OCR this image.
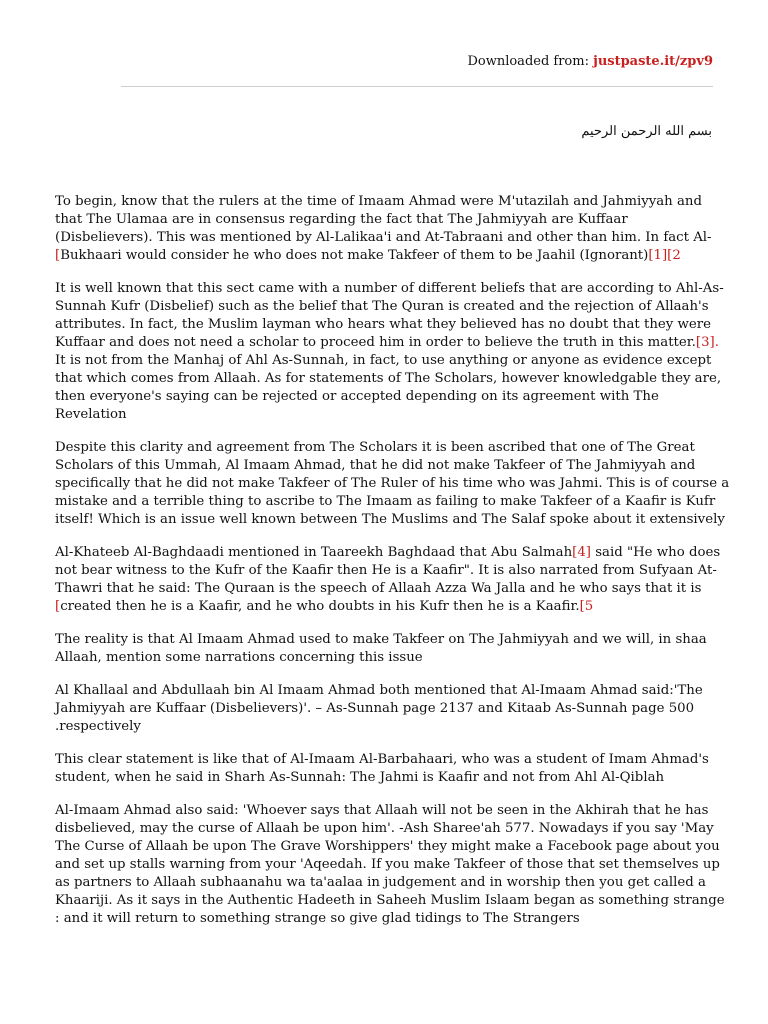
Downloaded from: justpaste.it/zpv9
بسم الله الرحمن الرحيم

To begin, know that the rulers at the time of Imaam Ahmad were M'utazilah and Jahmiyyah and
that The Ulamaa are in consensus regarding the fact that The Jahmiyyah are Kuffaar
(Disbelievers). This was mentioned by Al-Lalikaa'i and At-Tabraani and other than him. In fact Al-
[Bukhaari would consider he who does not make Takfeer of them to be Jaahil (Ignorant)[1][2

It is well known that this sect came with a number of different beliefs that are according to Ahl-As-
Sunnah Kufr (Disbelief) such as the belief that The Quran is created and the rejection of Allaah's
attributes. In fact, the Muslim layman who hears what they believed has no doubt that they were
Kuffaar and does not need a scholar to proceed him in order to believe the truth in this matter.[3].
It is not from the Manhaj of Ahl As-Sunnah, in fact, to use anything or anyone as evidence except
that which comes from Allaah. As for statements of The Scholars, however knowledgable they are,
then everyone's saying can be rejected or accepted depending on its agreement with The
Revelation

Despite this clarity and agreement from The Scholars it is been ascribed that one of The Great
Scholars of this Ummah, Al Imaam Ahmad, that he did not make Takfeer of The Jahmiyyah and
specifically that he did not make Takfeer of The Ruler of his time who was Jahmi. This is of course a
mistake and a terrible thing to ascribe to The Imaam as failing to make Takfeer of a Kaafir is Kufr
itself! Which is an issue well known between The Muslims and The Salaf spoke about it extensively

Al-Khateeb Al-Baghdaadi mentioned in Taareekh Baghdaad that Abu Salmah[4] said "He who does
not bear witness to the Kufr of the Kaafir then He is a Kaafir". It is also narrated from Sufyaan At-
Thawri that he said: The Quraan is the speech of Allaah Azza Wa Jalla and he who says that it is
[created then he is a Kaafir, and he who doubts in his Kufr then he is a Kaafir.[5

The reality is that Al Imaam Ahmad used to make Takfeer on The Jahmiyyah and we will, in shaa
Allaah, mention some narrations concerning this issue

Al Khallaal and Abdullaah bin Al Imaam Ahmad both mentioned that Al-Imaam Ahmad said:'The
Jahmiyyah are Kuffaar (Disbelievers)'. – As-Sunnah page 2137 and Kitaab As-Sunnah page 500
.respectively

This clear statement is like that of Al-Imaam Al-Barbahaari, who was a student of Imam Ahmad's
student, when he said in Sharh As-Sunnah: The Jahmi is Kaafir and not from Ahl Al-Qiblah

Al-Imaam Ahmad also said: 'Whoever says that Allaah will not be seen in the Akhirah that he has
disbelieved, may the curse of Allaah be upon him'. -Ash Sharee'ah 577. Nowadays if you say 'May
The Curse of Allaah be upon The Grave Worshippers' they might make a Facebook page about you
and set up stalls warning from your 'Aqeedah. If you make Takfeer of those that set themselves up
as partners to Allaah subhaanahu wa ta'aalaa in judgement and in worship then you get called a
Khaariji. As it says in the Authentic Hadeeth in Saheeh Muslim Islaam began as something strange
: and it will return to something strange so give glad tidings to The Strangers
